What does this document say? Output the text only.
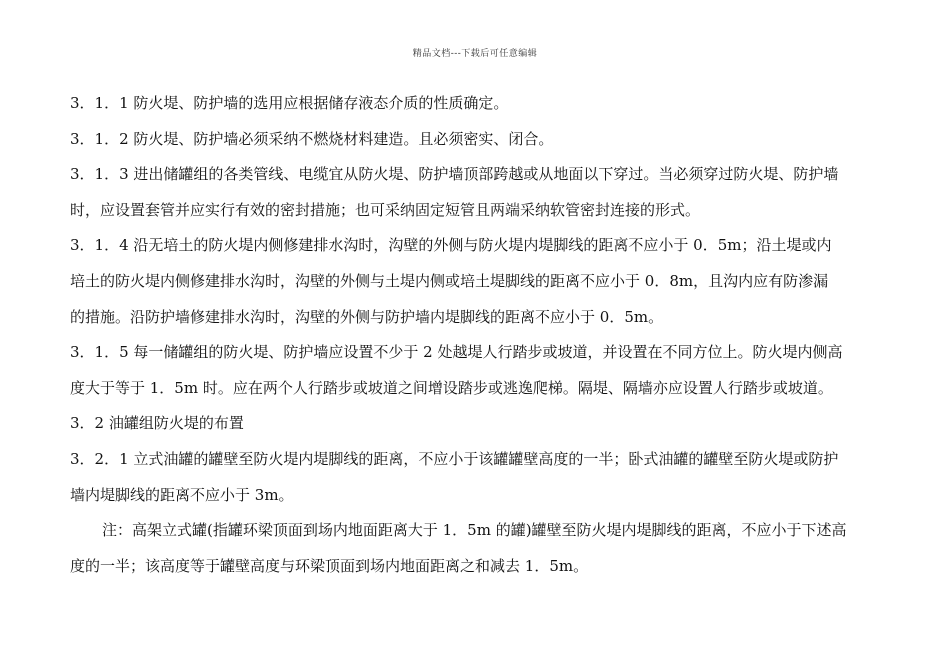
精品文档---下载后可任意编辑

3．1．1 防火堤、防护墙的选用应根据储存液态介质的性质确定。

3．1．2 防火堤、防护墙必须采纳不燃烧材料建造。且必须密实、闭合。

3．1．3 进出储罐组的各类管线、电缆宜从防火堤、防护墙顶部跨越或从地面以下穿过。当必须穿过防火堤、防护墙

时，应设置套管并应实行有效的密封措施；也可采纳固定短管且两端采纳软管密封连接的形式。

3．1．4 沿无培土的防火堤内侧修建排水沟时，沟壁的外侧与防火堤内堤脚线的距离不应小于 0．5m；沿土堤或内

培土的防火堤内侧修建排水沟时，沟壁的外侧与土堤内侧或培土堤脚线的距离不应小于 0．8m，且沟内应有防渗漏

的措施。沿防护墙修建排水沟时，沟壁的外侧与防护墙内堤脚线的距离不应小于 0．5m。

3．1．5 每一储罐组的防火堤、防护墙应设置不少于 2 处越堤人行踏步或坡道，并设置在不同方位上。防火堤内侧高

度大于等于 1．5m 时。应在两个人行踏步或坡道之间增设踏步或逃逸爬梯。隔堤、隔墙亦应设置人行踏步或坡道。

3．2 油罐组防火堤的布置

3．2．1 立式油罐的罐壁至防火堤内堤脚线的距离，不应小于该罐罐壁高度的一半；卧式油罐的罐壁至防火堤或防护

墙内堤脚线的距离不应小于 3m。

注：高架立式罐(指罐环梁顶面到场内地面距离大于 1．5m 的罐)罐壁至防火堤内堤脚线的距离，不应小于下述高

度的一半；该高度等于罐壁高度与环梁顶面到场内地面距离之和减去 1．5m。
